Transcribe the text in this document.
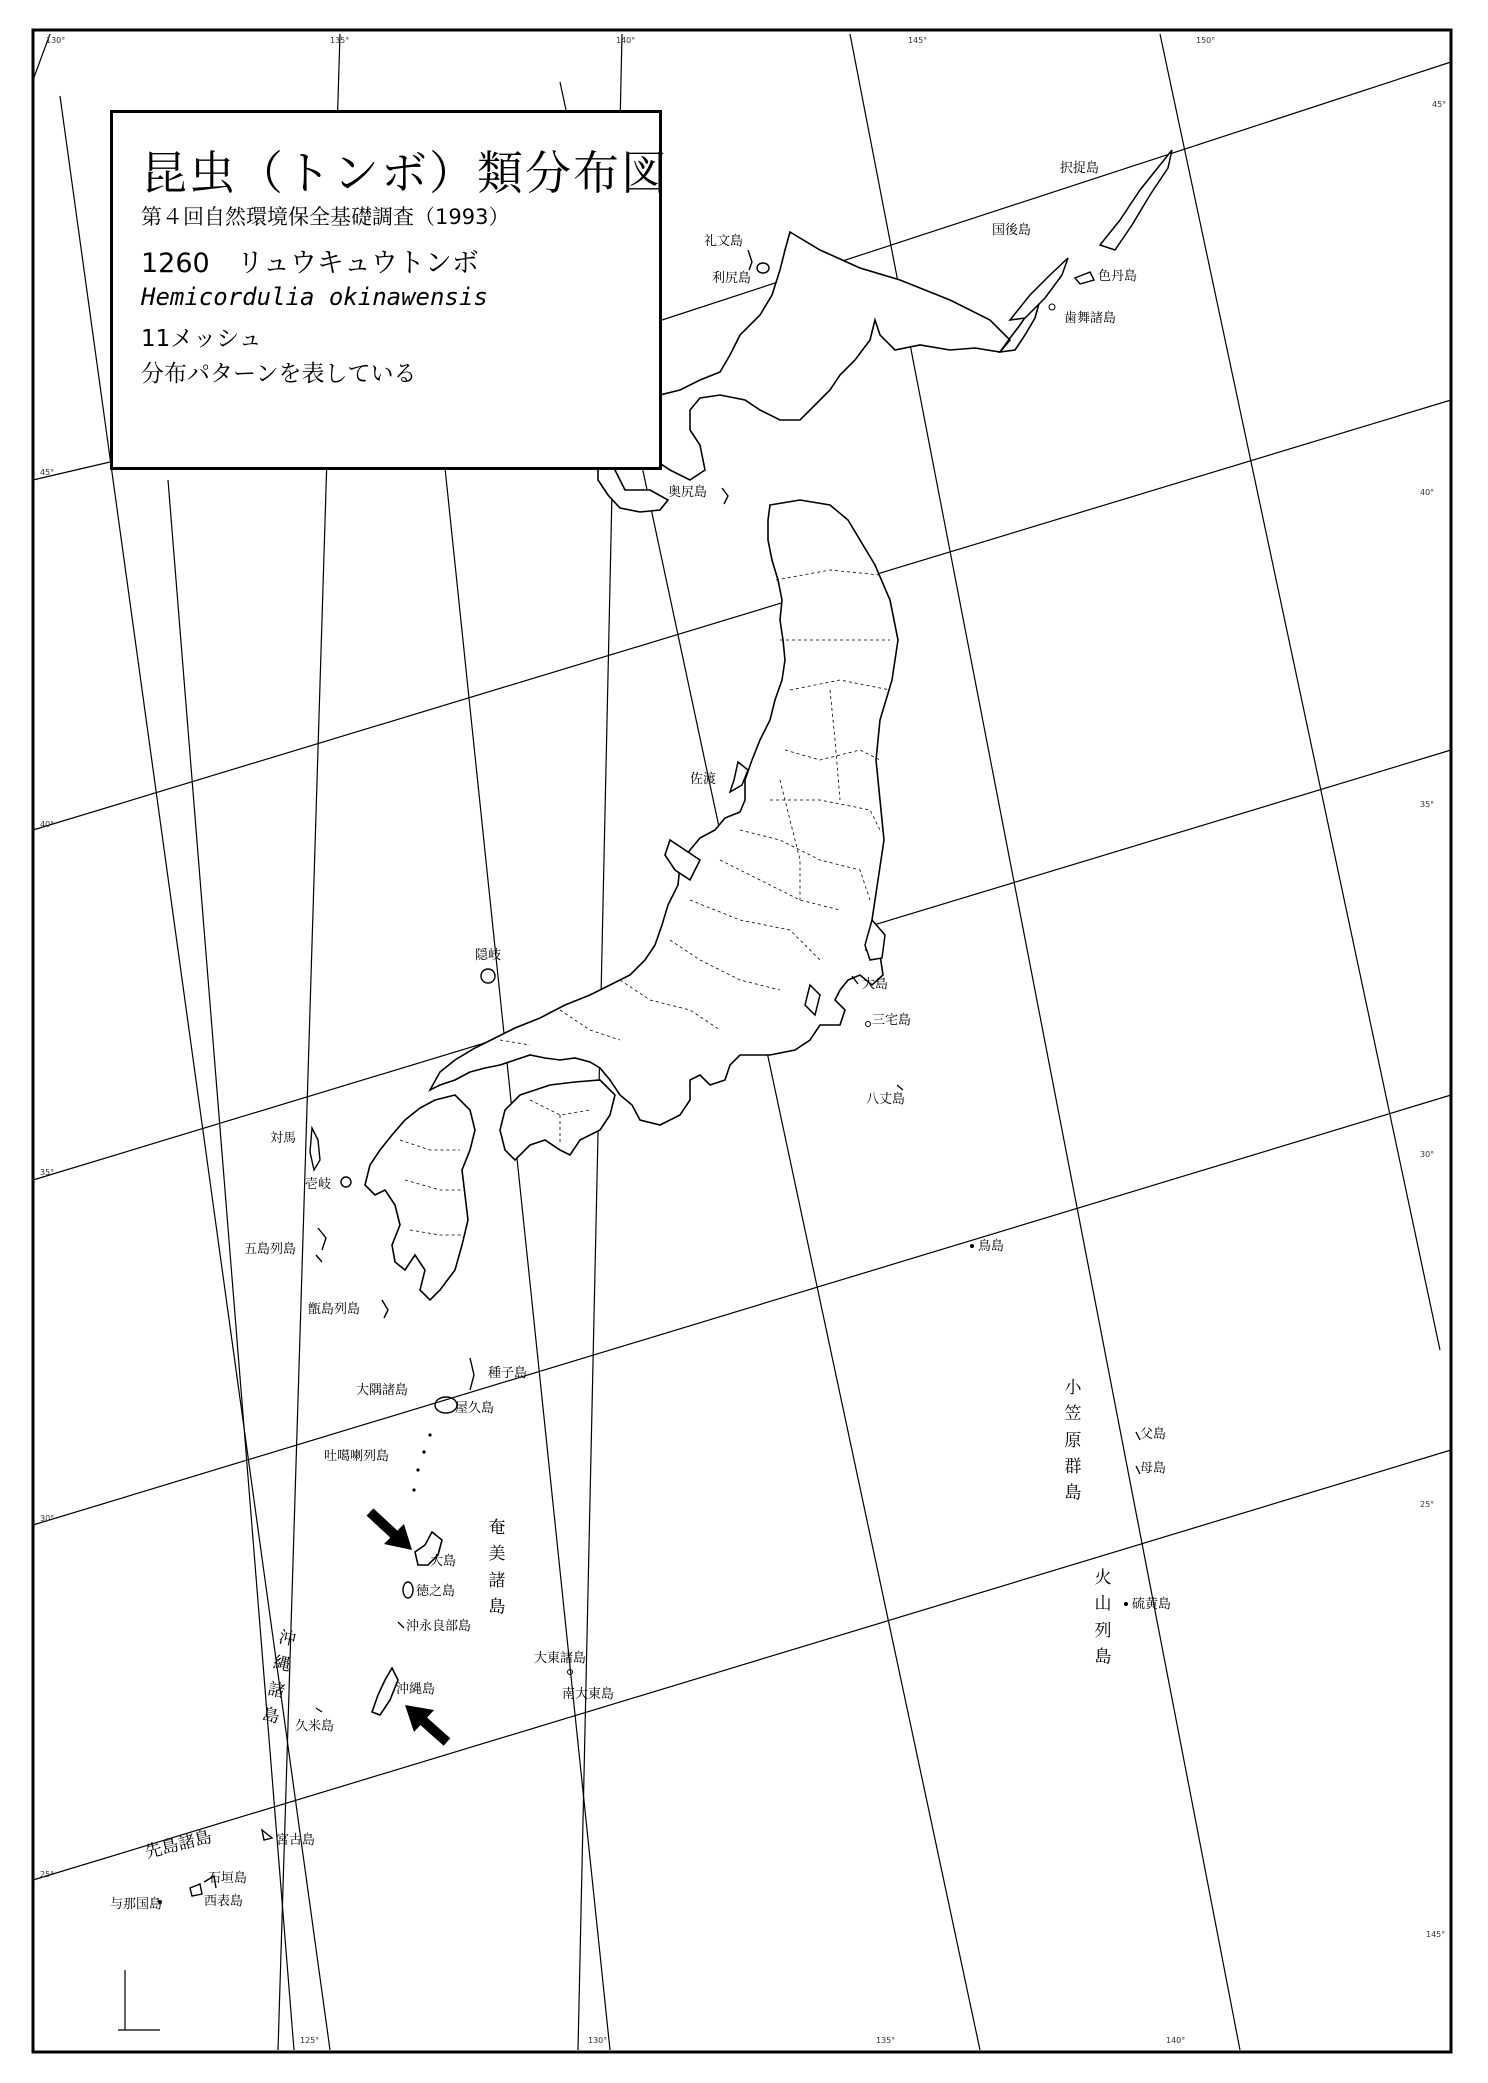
昆虫（トンボ）類分布図
第４回自然環境保全基礎調査（1993）
1260　リュウキュウトンボ
Hemicordulia okinawensis
11メッシュ
分布パターンを表している
択捉島
国後島
色丹島
歯舞諸島
礼文島
利尻島
奥尻島
佐渡
隠岐
大島
三宅島
八丈島
鳥島
対馬
壱岐
五島列島
甑島列島
種子島
大隅諸島
屋久島
吐噶喇列島
大島
徳之島
沖永良部島
沖縄島
久米島
大東諸島
南大東島
父島
母島
硫黄島
宮古島
石垣島
与那国島	西表島
奄美諸島
小笠原群島
火山列島
沖縄諸島
先島諸島
130°	135°	140°	145°	150°
125°	130°	135°	140°
145°
45°
40°
35°
30°
25°
45°
40°
35°
30°
25°
